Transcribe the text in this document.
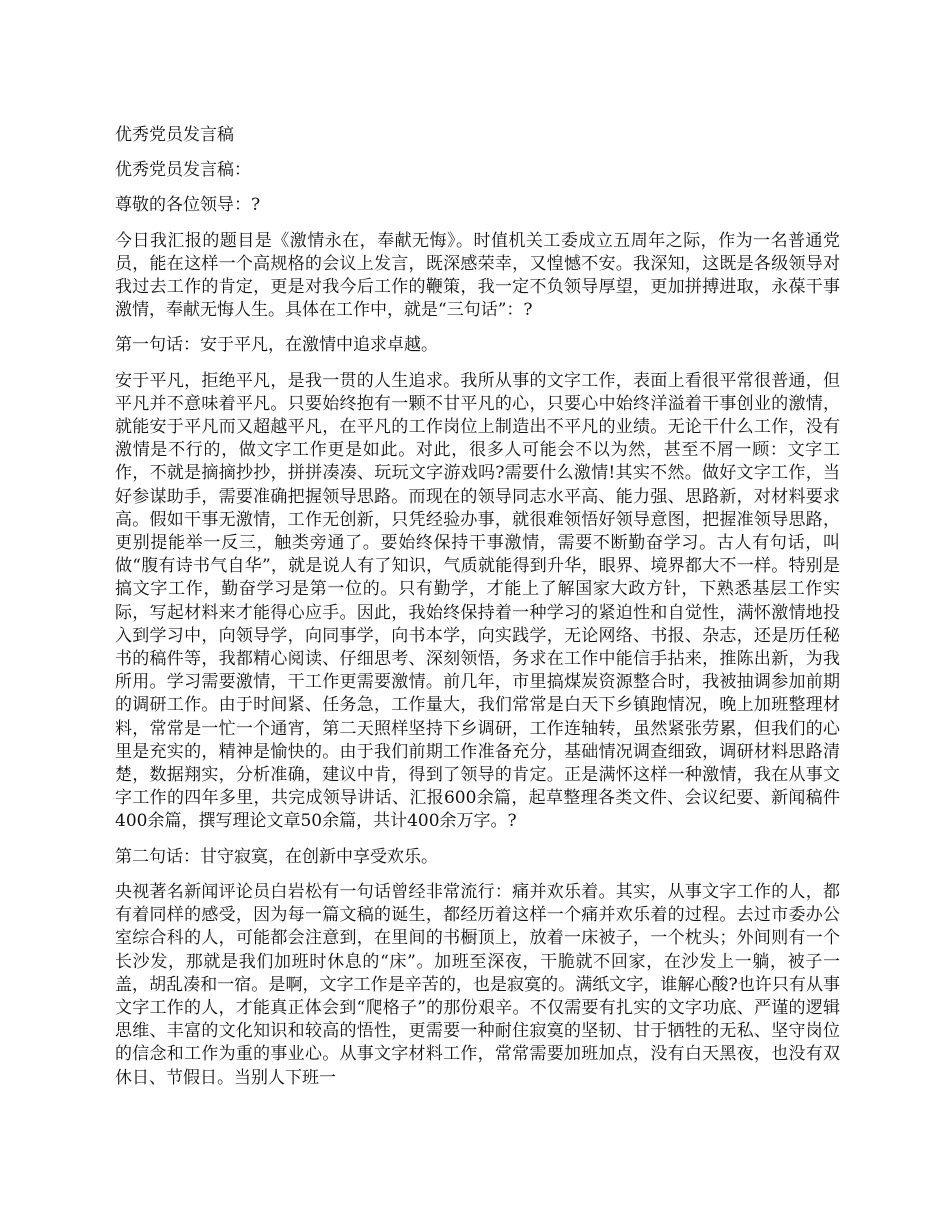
优秀党员发言稿

优秀党员发言稿：

尊敬的各位领导：?

今日我汇报的题目是《激情永在，奉献无悔》。时值机关工委成立五周年之际，作为一名普通党员，能在这样一个高规格的会议上发言，既深感荣幸，又惶憾不安。我深知，这既是各级领导对我过去工作的肯定，更是对我今后工作的鞭策，我一定不负领导厚望，更加拼搏进取，永葆干事激情，奉献无悔人生。具体在工作中，就是“三句话”：?

第一句话：安于平凡，在激情中追求卓越。

安于平凡，拒绝平凡，是我一贯的人生追求。我所从事的文字工作，表面上看很平常很普通，但平凡并不意味着平凡。只要始终抱有一颗不甘平凡的心，只要心中始终洋溢着干事创业的激情，就能安于平凡而又超越平凡，在平凡的工作岗位上制造出不平凡的业绩。无论干什么工作，没有激情是不行的，做文字工作更是如此。对此，很多人可能会不以为然，甚至不屑一顾：文字工作，不就是摘摘抄抄，拼拼凑凑、玩玩文字游戏吗?需要什么激情!其实不然。做好文字工作，当好参谋助手，需要准确把握领导思路。而现在的领导同志水平高、能力强、思路新，对材料要求高。假如干事无激情，工作无创新，只凭经验办事，就很难领悟好领导意图，把握准领导思路，更别提能举一反三，触类旁通了。要始终保持干事激情，需要不断勤奋学习。古人有句话，叫做“腹有诗书气自华”，就是说人有了知识，气质就能得到升华，眼界、境界都大不一样。特别是搞文字工作，勤奋学习是第一位的。只有勤学，才能上了解国家大政方针，下熟悉基层工作实际，写起材料来才能得心应手。因此，我始终保持着一种学习的紧迫性和自觉性，满怀激情地投入到学习中，向领导学，向同事学，向书本学，向实践学，无论网络、书报、杂志，还是历任秘书的稿件等，我都精心阅读、仔细思考、深刻领悟，务求在工作中能信手拈来，推陈出新，为我所用。学习需要激情，干工作更需要激情。前几年，市里搞煤炭资源整合时，我被抽调参加前期的调研工作。由于时间紧、任务急，工作量大，我们常常是白天下乡镇跑情况，晚上加班整理材料，常常是一忙一个通宵，第二天照样坚持下乡调研，工作连轴转，虽然紧张劳累，但我们的心里是充实的，精神是愉快的。由于我们前期工作准备充分，基础情况调查细致，调研材料思路清楚，数据翔实，分析准确，建议中肯，得到了领导的肯定。正是满怀这样一种激情，我在从事文字工作的四年多里，共完成领导讲话、汇报600余篇，起草整理各类文件、会议纪要、新闻稿件400余篇，撰写理论文章50余篇，共计400余万字。?

第二句话：甘守寂寞，在创新中享受欢乐。

央视著名新闻评论员白岩松有一句话曾经非常流行：痛并欢乐着。其实，从事文字工作的人，都有着同样的感受，因为每一篇文稿的诞生，都经历着这样一个痛并欢乐着的过程。去过市委办公室综合科的人，可能都会注意到，在里间的书橱顶上，放着一床被子，一个枕头；外间则有一个长沙发，那就是我们加班时休息的“床”。加班至深夜，干脆就不回家，在沙发上一躺，被子一盖，胡乱凑和一宿。是啊，文字工作是辛苦的，也是寂寞的。满纸文字，谁解心酸?也许只有从事文字工作的人，才能真正体会到“爬格子”的那份艰辛。不仅需要有扎实的文字功底、严谨的逻辑思维、丰富的文化知识和较高的悟性，更需要一种耐住寂寞的坚韧、甘于牺牲的无私、坚守岗位的信念和工作为重的事业心。从事文字材料工作，常常需要加班加点，没有白天黑夜，也没有双休日、节假日。当别人下班一
